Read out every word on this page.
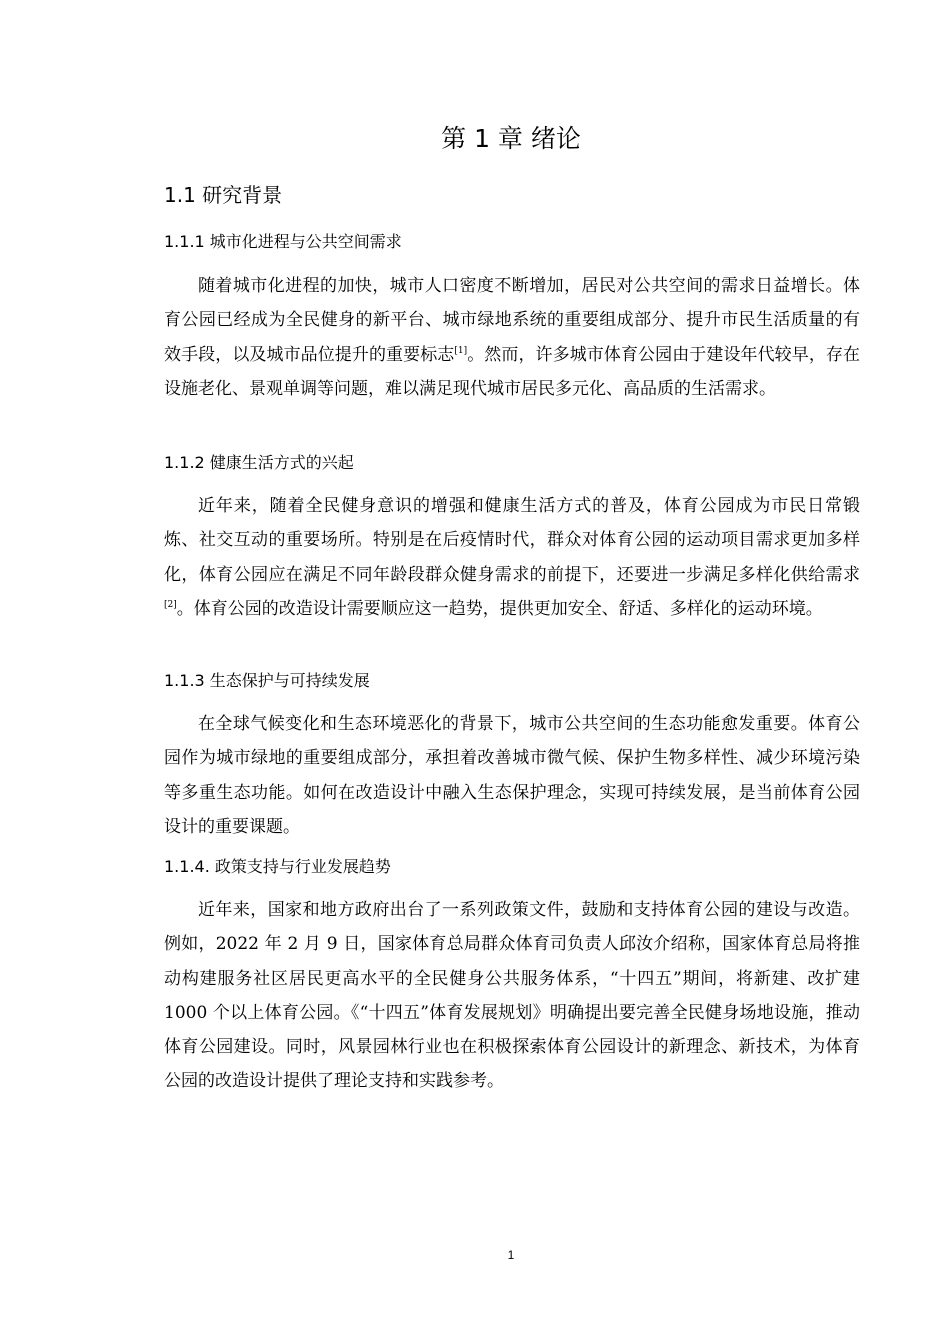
第 1 章 绪论
1.1 研究背景
1.1.1 城市化进程与公共空间需求

随着城市化进程的加快，城市人口密度不断增加，居民对公共空间的需求日益增长。体育公园已经成为全民健身的新平台、城市绿地系统的重要组成部分、提升市民生活质量的有效手段，以及城市品位提升的重要标志[1]。然而，许多城市体育公园由于建设年代较早，存在设施老化、景观单调等问题，难以满足现代城市居民多元化、高品质的生活需求。

1.1.2 健康生活方式的兴起

近年来，随着全民健身意识的增强和健康生活方式的普及，体育公园成为市民日常锻炼、社交互动的重要场所。特别是在后疫情时代，群众对体育公园的运动项目需求更加多样化，体育公园应在满足不同年龄段群众健身需求的前提下，还要进一步满足多样化供给需求[2]。体育公园的改造设计需要顺应这一趋势，提供更加安全、舒适、多样化的运动环境。

1.1.3 生态保护与可持续发展

在全球气候变化和生态环境恶化的背景下，城市公共空间的生态功能愈发重要。体育公园作为城市绿地的重要组成部分，承担着改善城市微气候、保护生物多样性、减少环境污染等多重生态功能。如何在改造设计中融入生态保护理念，实现可持续发展，是当前体育公园设计的重要课题。

1.1.4. 政策支持与行业发展趋势

近年来，国家和地方政府出台了一系列政策文件，鼓励和支持体育公园的建设与改造。例如，2022 年 2 月 9 日，国家体育总局群众体育司负责人邱汝介绍称，国家体育总局将推动构建服务社区居民更高水平的全民健身公共服务体系，“十四五”期间，将新建、改扩建 1000 个以上体育公园。《“十四五”体育发展规划》明确提出要完善全民健身场地设施，推动体育公园建设。同时，风景园林行业也在积极探索体育公园设计的新理念、新技术，为体育公园的改造设计提供了理论支持和实践参考。

1
